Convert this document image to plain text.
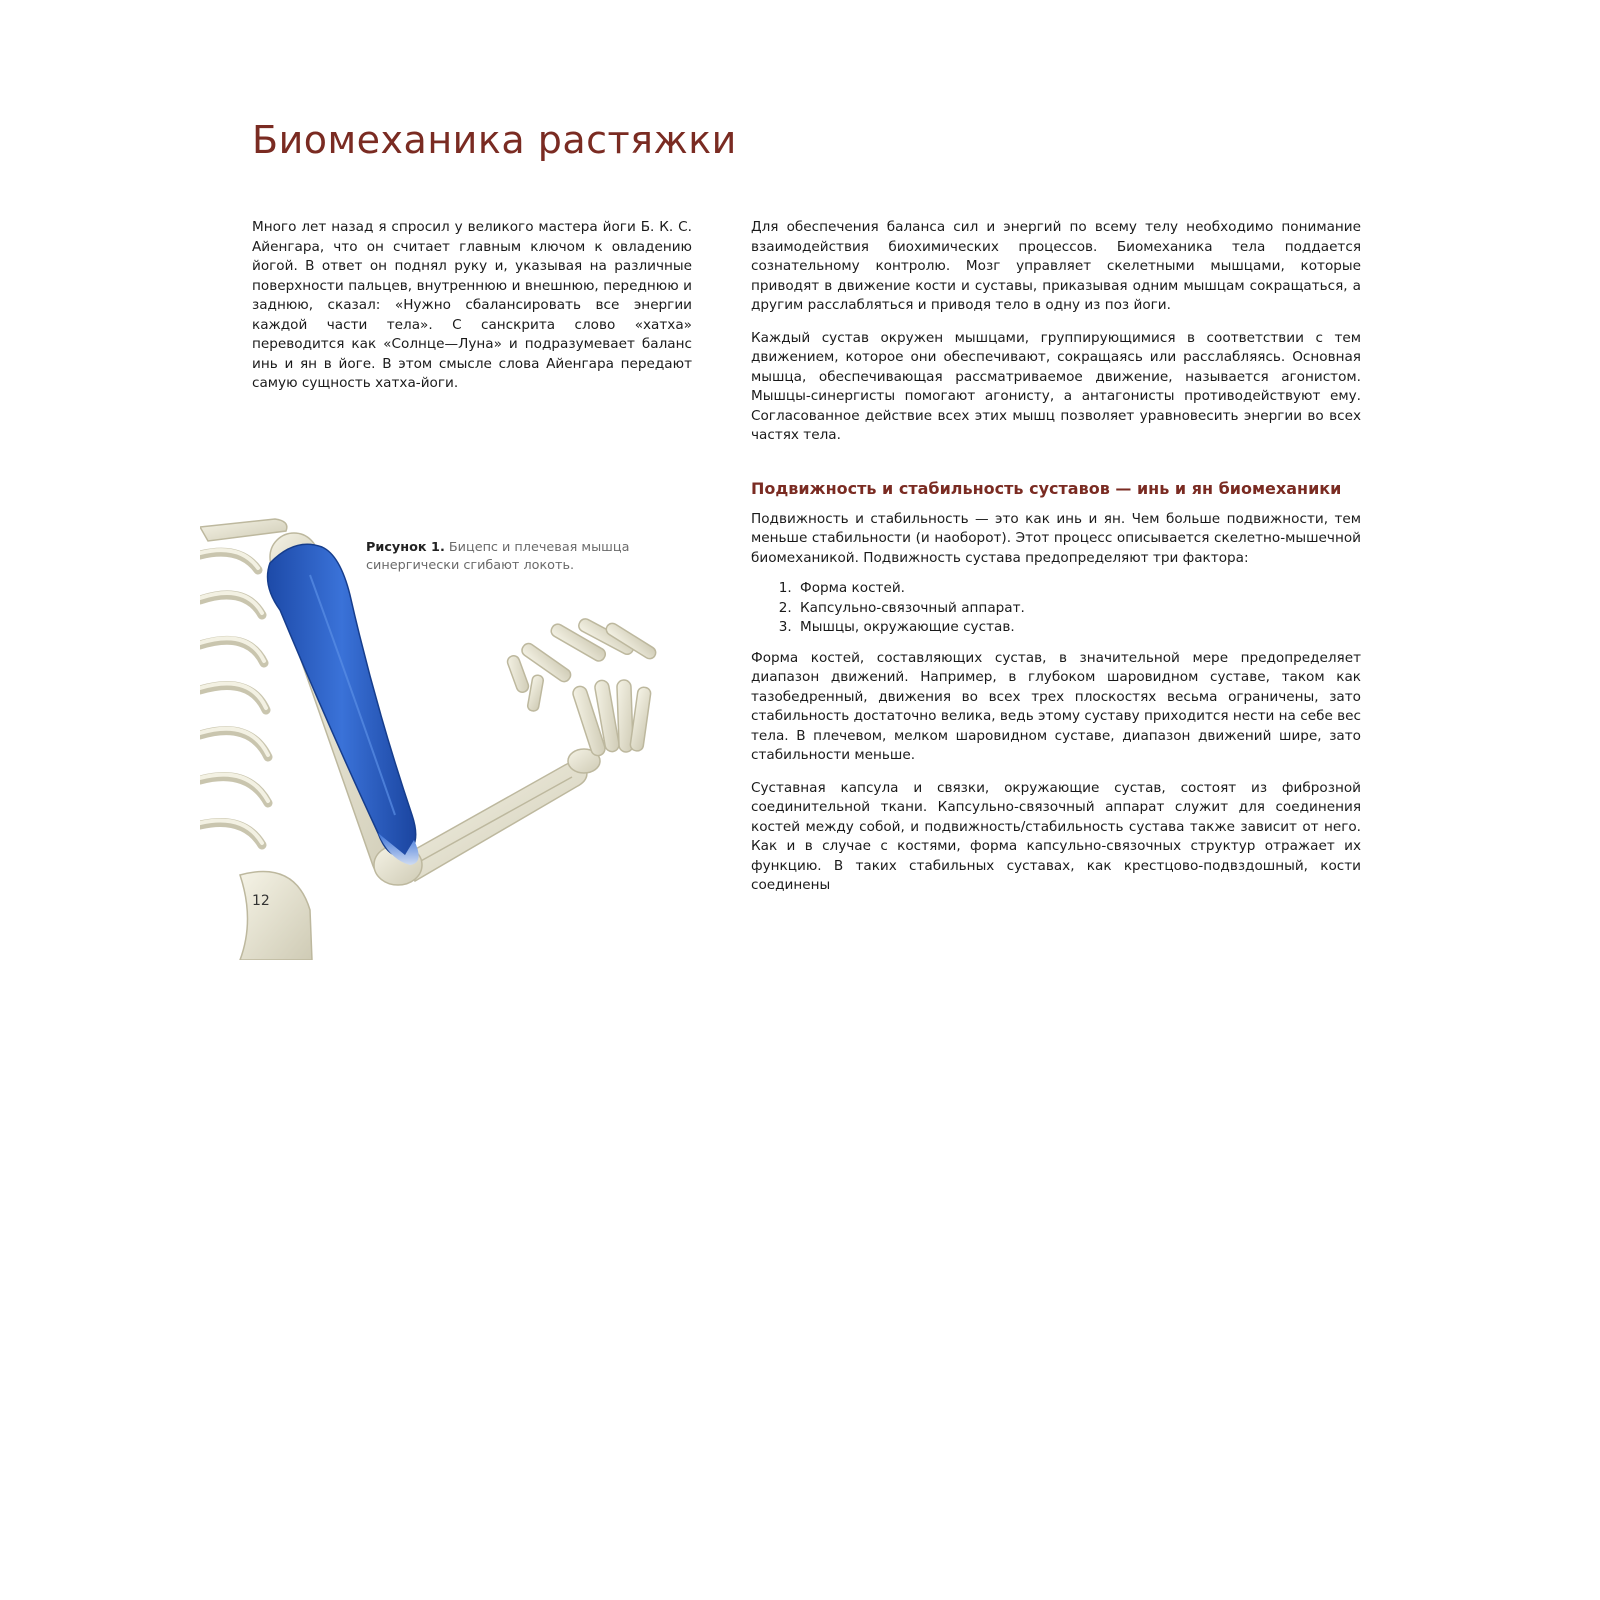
Биомеханика растяжки

Много лет назад я спросил у великого мастера йоги Б. К. С. Айенгара, что он считает главным ключом к овладению йогой. В ответ он поднял руку и, указывая на различные поверхности пальцев, внутреннюю и внешнюю, переднюю и заднюю, сказал: «Нужно сбалансировать все энергии каждой части тела». С санскрита слово «хатха» переводится как «Солнце—Луна» и подразумевает баланс инь и ян в йоге. В этом смысле слова Айенгара передают самую сущность хатха-йоги.

Для обеспечения баланса сил и энергий по всему телу необходимо понимание взаимодействия биохимических процессов. Биомеханика тела поддается сознательному контролю. Мозг управляет скелетными мышцами, которые приводят в движение кости и суставы, приказывая одним мышцам сокращаться, а другим расслабляться и приводя тело в одну из поз йоги.

Каждый сустав окружен мышцами, группирующимися в соответствии с тем движением, которое они обеспечивают, сокращаясь или расслабляясь. Основная мышца, обеспечивающая рассматриваемое движение, называется агонистом. Мышцы-синергисты помогают агонисту, а антагонисты противодействуют ему. Согласованное действие всех этих мышц позволяет уравновесить энергии во всех частях тела.

Подвижность и стабильность суставов — инь и ян биомеханики

Подвижность и стабильность — это как инь и ян. Чем больше подвижности, тем меньше стабильности (и наоборот). Этот процесс описывается скелетно-мышечной биомеханикой. Подвижность сустава предопределяют три фактора:

1. Форма костей.
2. Капсульно-связочный аппарат.
3. Мышцы, окружающие сустав.

Форма костей, составляющих сустав, в значительной мере предопределяет диапазон движений. Например, в глубоком шаровидном суставе, таком как тазобедренный, движения во всех трех плоскостях весьма ограничены, зато стабильность достаточно велика, ведь этому суставу приходится нести на себе вес тела. В плечевом, мелком шаровидном суставе, диапазон движений шире, зато стабильности меньше.

Суставная капсула и связки, окружающие сустав, состоят из фиброзной соединительной ткани. Капсульно-связочный аппарат служит для соединения костей между собой, и подвижность/стабильность сустава также зависит от него. Как и в случае с костями, форма капсульно-связочных структур отражает их функцию. В таких стабильных суставах, как крестцово-подвздошный, кости соединены

Рисунок 1. Бицепс и плечевая мышца синергически сгибают локоть.
12
